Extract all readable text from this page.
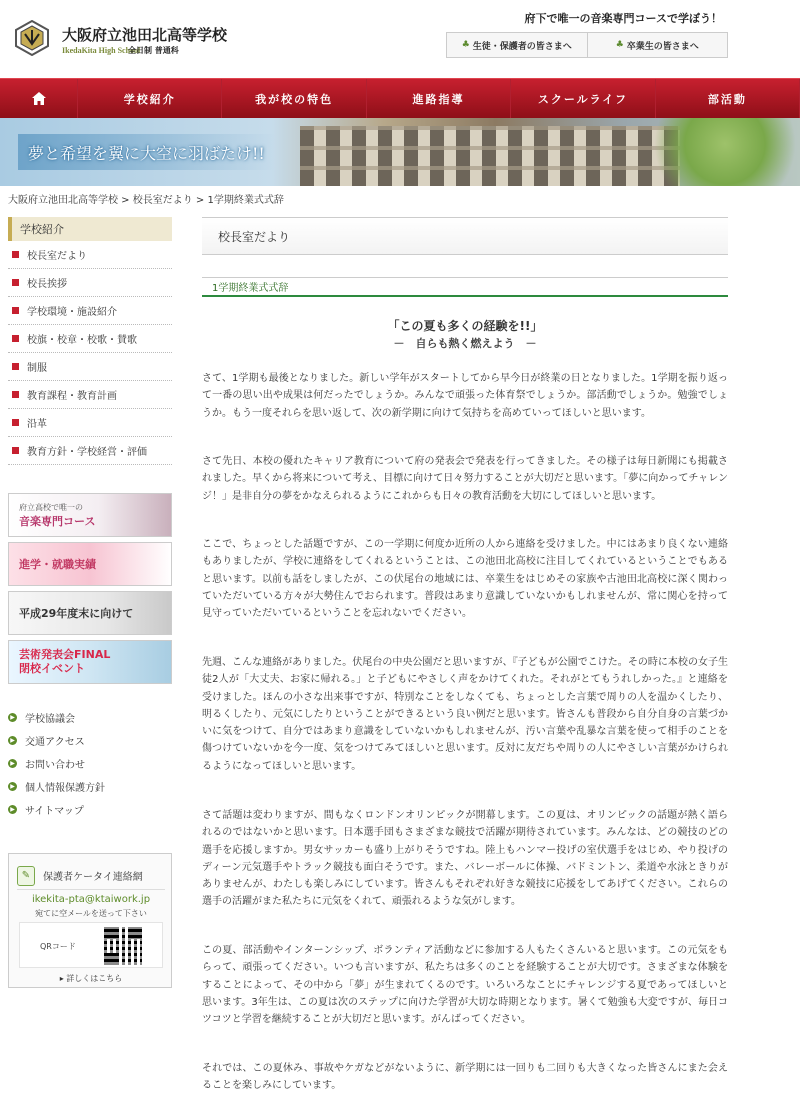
大阪府立池田北高等学校
IkedaKita High School
全日制 普通科
府下で唯一の音楽専門コースで学ぼう！
♣ 生徒・保護者の皆さまへ	♣ 卒業生の皆さまへ
学校紹介	我が校の特色	進路指導	スクールライフ	部活動
夢と希望を翼に大空に羽ばたけ!!
大阪府立池田北高等学校 > 校長室だより > 1学期終業式式辞
学校紹介
校長室だより
校長挨拶
学校環境・施設紹介
校旗・校章・校歌・賛歌
制服
教育課程・教育計画
沿革
教育方針・学校経営・評価
府立高校で唯一の
音楽専門コース
進学・就職実績
平成29年度末に向けて
芸術発表会FINAL
閉校イベント
▶ 学校協議会
▶ 交通アクセス
▶ お問い合わせ
▶ 個人情報保護方針
▶ サイトマップ
✎	保護者ケータイ連絡網
ikekita-pta@ktaiwork.jp
宛てに空メールを送って下さい
QRコード
▸ 詳しくはこちら
校長室だより
1学期終業式式辞
「この夏も多くの経験を!!」
－　自らも熱く燃えよう　－

さて、1学期も最後となりました。新しい学年がスタートしてから早今日が終業の日となりました。1学期を振り返って一番の思い出や成果は何だったでしょうか。みんなで頑張った体育祭でしょうか。部活動でしょうか。勉強でしょうか。もう一度それらを思い返して、次の新学期に向けて気持ちを高めていってほしいと思います。

さて先日、本校の優れたキャリア教育について府の発表会で発表を行ってきました。その様子は毎日新聞にも掲載されました。早くから将来について考え、目標に向けて日々努力することが大切だと思います。「夢に向かってチャレンジ！」是非自分の夢をかなえられるようにこれからも日々の教育活動を大切にしてほしいと思います。

ここで、ちょっとした話題ですが、この一学期に何度か近所の人から連絡を受けました。中にはあまり良くない連絡もありましたが、学校に連絡をしてくれるということは、この池田北高校に注目してくれているということでもあると思います。以前も話をしましたが、この伏尾台の地域には、卒業生をはじめその家族や古池田北高校に深く関わっていただいている方々が大勢住んでおられます。普段はあまり意識していないかもしれませんが、常に関心を持って見守っていただいているということを忘れないでください。

先週、こんな連絡がありました。伏尾台の中央公園だと思いますが、『子どもが公園でこけた。その時に本校の女子生徒2人が「大丈夫、お家に帰れる。」と子どもにやさしく声をかけてくれた。それがとてもうれしかった。』と連絡を受けました。ほんの小さな出来事ですが、特別なことをしなくても、ちょっとした言葉で周りの人を温かくしたり、明るくしたり、元気にしたりということができるという良い例だと思います。皆さんも普段から自分自身の言葉づかいに気をつけて、自分ではあまり意識をしていないかもしれませんが、汚い言葉や乱暴な言葉を使って相手のことを傷つけていないかを今一度、気をつけてみてほしいと思います。反対に友だちや周りの人にやさしい言葉がかけられるようになってほしいと思います。

さて話題は変わりますが、間もなくロンドンオリンピックが開幕します。この夏は、オリンピックの話題が熱く語られるのではないかと思います。日本選手団もさまざまな競技で活躍が期待されています。みんなは、どの競技のどの選手を応援しますか。男女サッカーも盛り上がりそうですね。陸上もハンマー投げの室伏選手をはじめ、やり投げのディーン元気選手やトラック競技も面白そうです。また、バレーボールに体操、バドミントン、柔道や水泳ときりがありませんが、わたしも楽しみにしています。皆さんもそれぞれ好きな競技に応援をしてあげてください。これらの選手の活躍がまた私たちに元気をくれて、頑張れるような気がします。

この夏、部活動やインターンシップ、ボランティア活動などに参加する人もたくさんいると思います。この元気をもらって、頑張ってください。いつも言いますが、私たちは多くのことを経験することが大切です。さまざまな体験をすることによって、その中から「夢」が生まれてくるのです。いろいろなことにチャレンジする夏であってほしいと思います。3年生は、この夏は次のステップに向けた学習が大切な時期となります。暑くて勉強も大変ですが、毎日コツコツと学習を継続することが大切だと思います。がんばってください。

それでは、この夏休み、事故やケガなどがないように、新学期には一回りも二回りも大きくなった皆さんにまた会えることを楽しみにしています。
